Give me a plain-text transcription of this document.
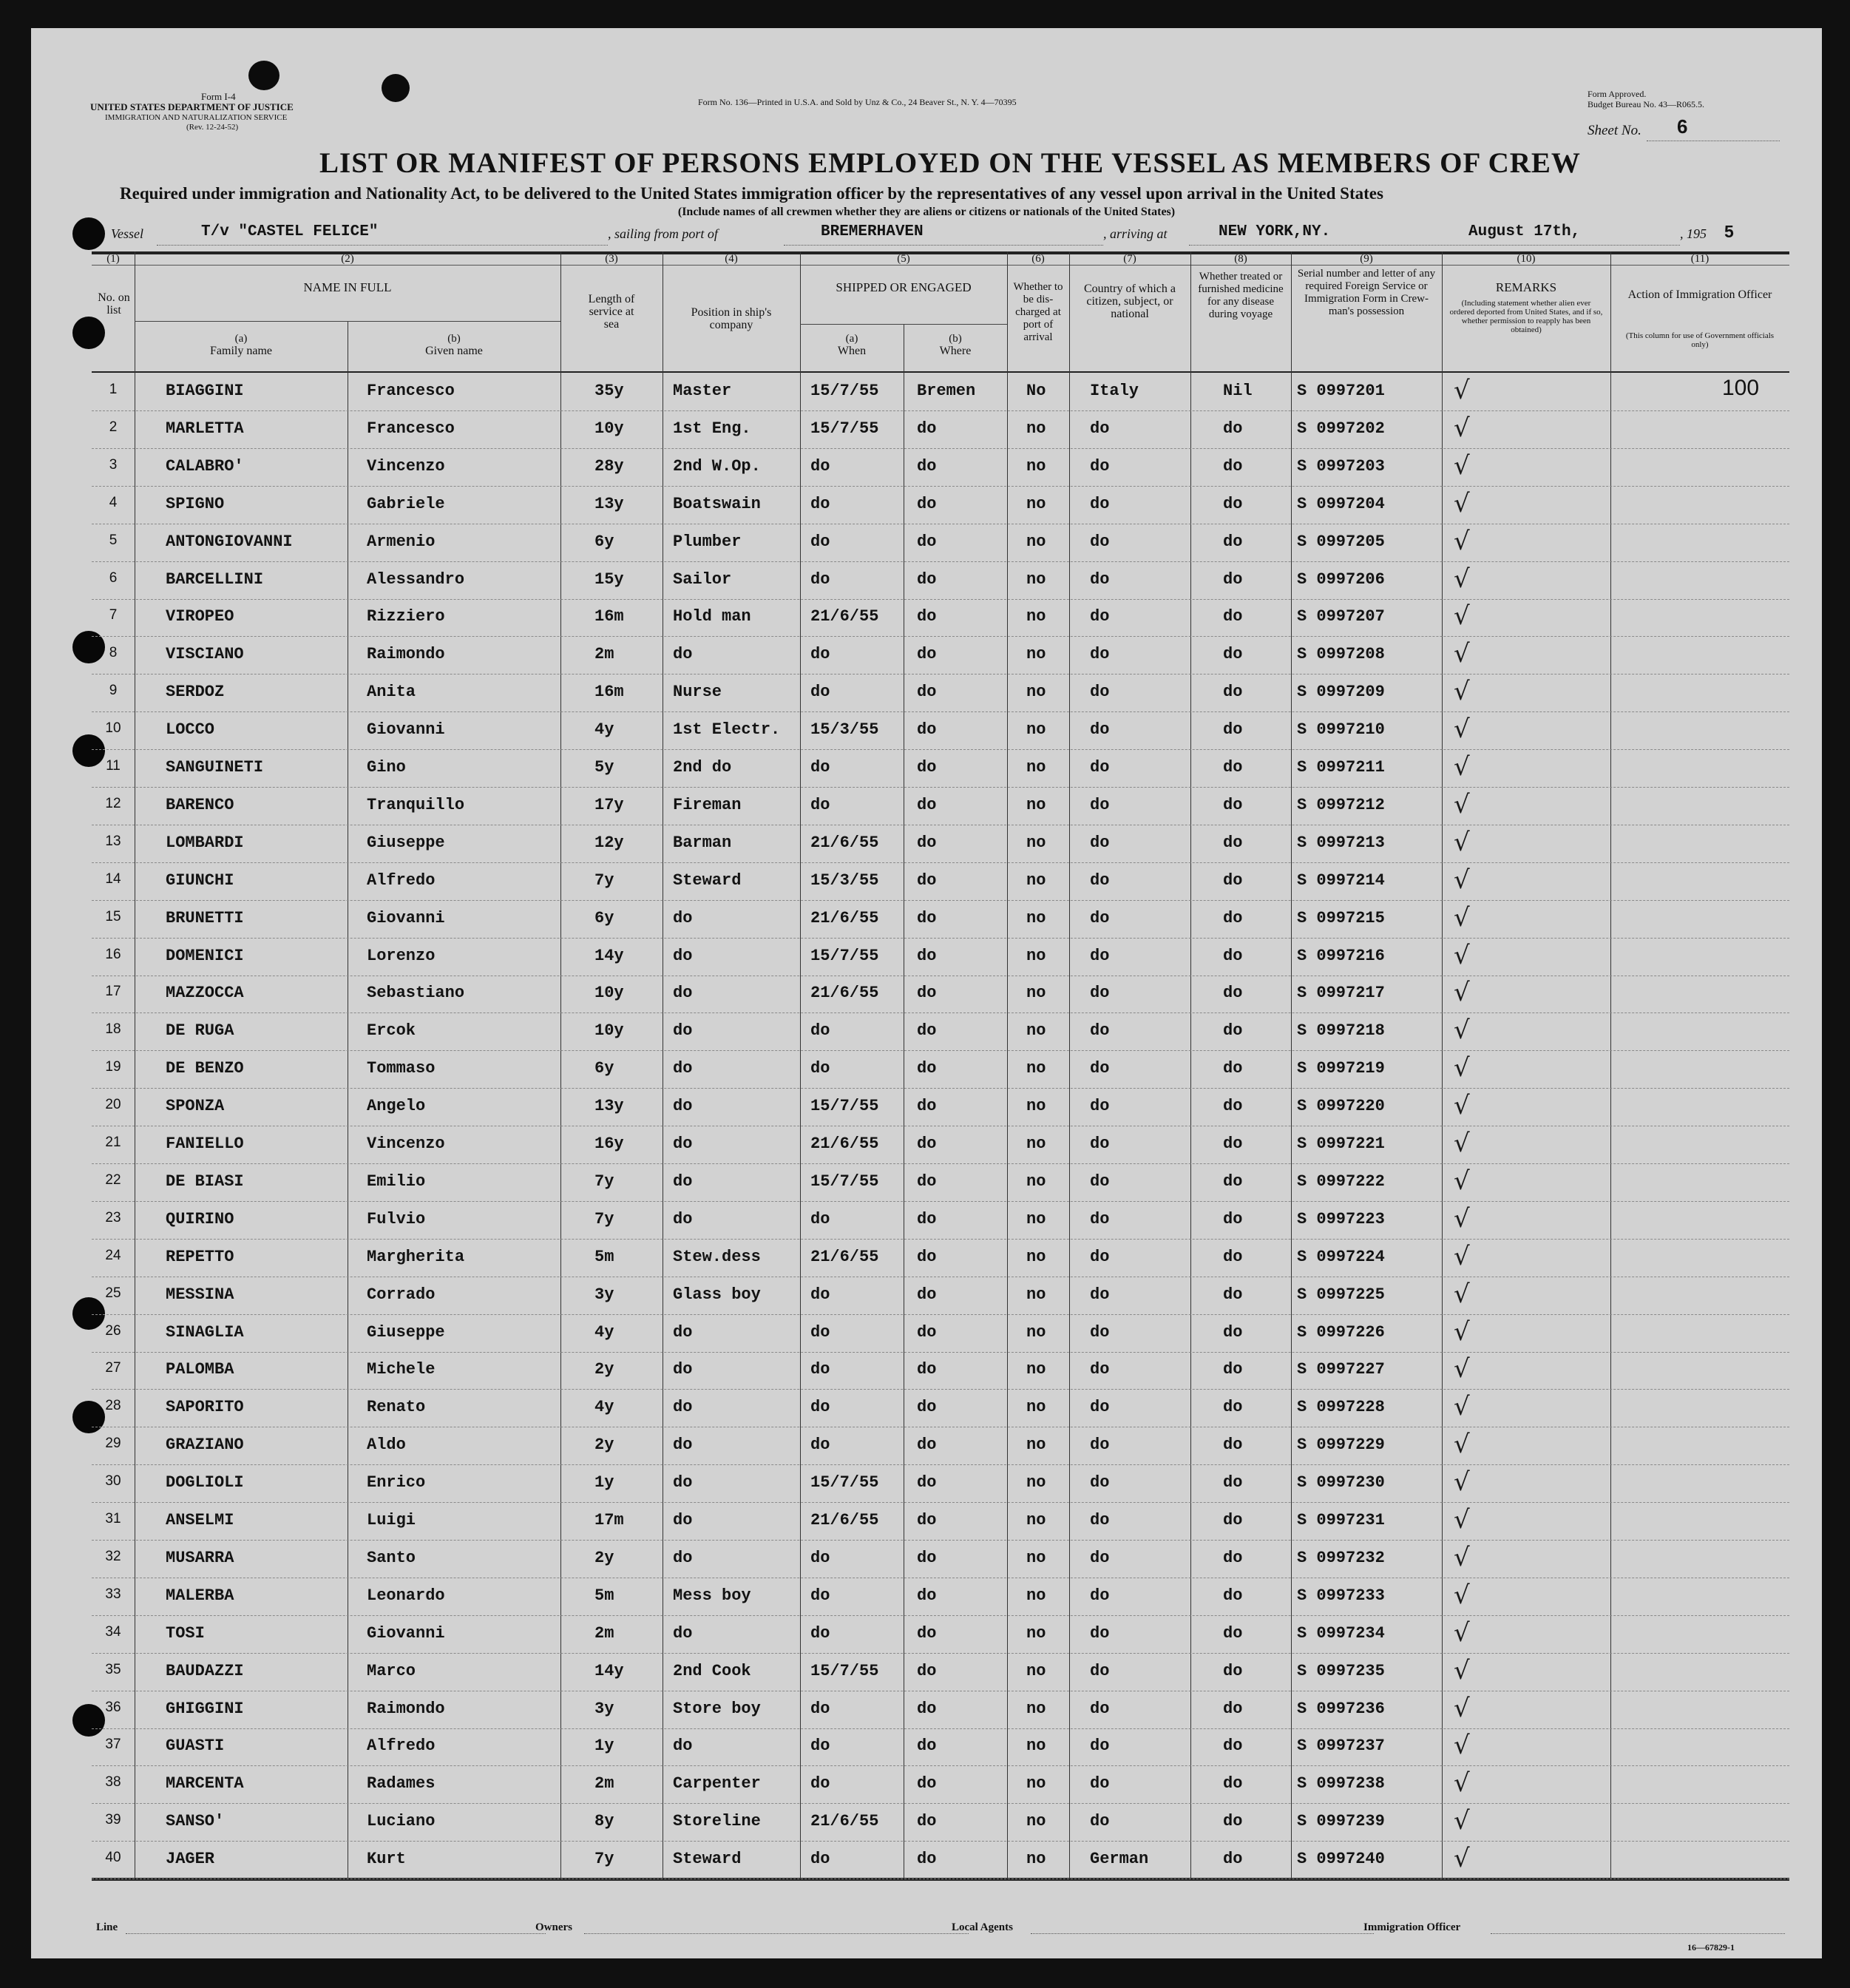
Form I-4
UNITED STATES DEPARTMENT OF JUSTICE
IMMIGRATION AND NATURALIZATION SERVICE
(Rev. 12-24-52)
Form No. 136—Printed in U.S.A. and Sold by Unz & Co., 24 Beaver St., N. Y. 4—70395
Form Approved.
Budget Bureau No. 43—R065.5.
Sheet No. 6
LIST OR MANIFEST OF PERSONS EMPLOYED ON THE VESSEL AS MEMBERS OF CREW
Required under immigration and Nationality Act, to be delivered to the United States immigration officer by the representatives of any vessel upon arrival in the United States
(Include names of all crewmen whether they are aliens or citizens or nationals of the United States)
Vessel	T/v "CASTEL FELICE"	, sailing from port of	BREMERHAVEN	, arriving at	NEW YORK,NY.	August 17th,	, 195 5
(1)	(2)	(3)	(4)	(5)	(6)	(7)	(8)	(9)	(10)	(11)
No. on list
NAME IN FULL
(a)
Family name
(b)
Given name
Length of service at sea
Position in ship's company
SHIPPED OR ENGAGED
(a)
When
(b)
Where
Whether to be dis-charged at port of arrival
Country of which a citizen, subject, or national
Whether treated or furnished medicine for any disease during voyage
Serial number and letter of any required Foreign Service or Immigration Form in Crew-man's possession
REMARKS
(Including statement whether alien ever ordered deported from United States, and if so, whether permission to reapply has been obtained)
Action of Immigration Officer
(This column for use of Government officials only)
100
1	BIAGGINI	Francesco	35y	Master	15/7/55 Bremen	No	Italy	Nil	S 0997201	√
2	MARLETTA	Francesco	10y	1st Eng.	15/7/55 do	no	do	do	S 0997202	√
3	CALABRO'	Vincenzo	28y	2nd W.Op.	do	do	no	do	do	S 0997203	√
4	SPIGNO	Gabriele	13y	Boatswain	do	do	no	do	do	S 0997204	√
5	ANTONGIOVANNI	Armenio	6y	Plumber	do	do	no	do	do	S 0997205	√
6	BARCELLINI	Alessandro	15y	Sailor	do	do	no	do	do	S 0997206	√
7	VIROPEO	Rizziero	16m	Hold man	21/6/55 do	no	do	do	S 0997207	√
8	VISCIANO	Raimondo	2m	do	do	do	no	do	do	S 0997208	√
9	SERDOZ	Anita	16m	Nurse	do	do	no	do	do	S 0997209	√
10	LOCCO	Giovanni	4y	1st Electr. 15/3/55 do	no	do	do	S 0997210	√
11	SANGUINETI	Gino	5y	2nd do	do	do	no	do	do	S 0997211	√
12	BARENCO	Tranquillo	17y	Fireman	do	do	no	do	do	S 0997212	√
13	LOMBARDI	Giuseppe	12y	Barman	21/6/55 do	no	do	do	S 0997213	√
14	GIUNCHI	Alfredo	7y	Steward	15/3/55 do	no	do	do	S 0997214	√
15	BRUNETTI	Giovanni	6y	do	21/6/55 do	no	do	do	S 0997215	√
16	DOMENICI	Lorenzo	14y	do	15/7/55 do	no	do	do	S 0997216	√
17	MAZZOCCA	Sebastiano	10y	do	21/6/55 do	no	do	do	S 0997217	√
18	DE RUGA	Ercok	10y	do	do	do	no	do	do	S 0997218	√
19	DE BENZO	Tommaso	6y	do	do	do	no	do	do	S 0997219	√
20	SPONZA	Angelo	13y	do	15/7/55 do	no	do	do	S 0997220	√
21	FANIELLO	Vincenzo	16y	do	21/6/55 do	no	do	do	S 0997221	√
22	DE BIASI	Emilio	7y	do	15/7/55 do	no	do	do	S 0997222	√
23	QUIRINO	Fulvio	7y	do	do	do	no	do	do	S 0997223	√
24	REPETTO	Margherita	5m	Stew.dess	21/6/55 do	no	do	do	S 0997224	√
25	MESSINA	Corrado	3y	Glass boy	do	do	no	do	do	S 0997225	√
26	SINAGLIA	Giuseppe	4y	do	do	do	no	do	do	S 0997226	√
27	PALOMBA	Michele	2y	do	do	do	no	do	do	S 0997227	√
28	SAPORITO	Renato	4y	do	do	do	no	do	do	S 0997228	√
29	GRAZIANO	Aldo	2y	do	do	do	no	do	do	S 0997229	√
30	DOGLIOLI	Enrico	1y	do	15/7/55 do	no	do	do	S 0997230	√
31	ANSELMI	Luigi	17m	do	21/6/55 do	no	do	do	S 0997231	√
32	MUSARRA	Santo	2y	do	do	do	no	do	do	S 0997232	√
33	MALERBA	Leonardo	5m	Mess boy	do	do	no	do	do	S 0997233	√
34	TOSI	Giovanni	2m	do	do	do	no	do	do	S 0997234	√
35	BAUDAZZI	Marco	14y	2nd Cook	15/7/55 do	no	do	do	S 0997235	√
36	GHIGGINI	Raimondo	3y	Store boy	do	do	no	do	do	S 0997236	√
37	GUASTI	Alfredo	1y	do	do	do	no	do	do	S 0997237	√
38	MARCENTA	Radames	2m	Carpenter	do	do	no	do	do	S 0997238	√
39	SANSO'	Luciano	8y	Storeline	21/6/55 do	no	do	do	S 0997239	√
40	JAGER	Kurt	7y	Steward	do	do	no	German	do	S 0997240	√
Line	Owners	Local Agents	Immigration Officer
16—67829-1
